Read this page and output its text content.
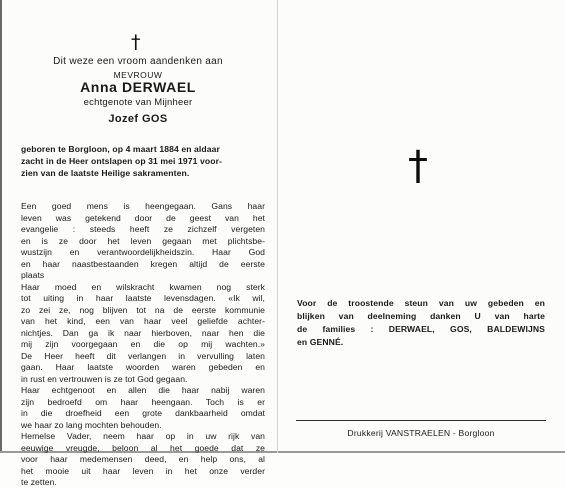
†
Dit weze een vroom aandenken aan
MEVROUW
Anna DERWAEL
echtgenote van Mijnheer
Jozef GOS
geboren te Borgloon, op 4 maart 1884 en aldaar
zacht in de Heer ontslapen op 31 mei 1971 voor-
zien van de laatste Heilige sakramenten.
Een goed mens is heengegaan. Gans haar
leven was getekend door de geest van het
evangelie : steeds heeft ze zichzelf vergeten
en is ze door het leven gegaan met plichtsbe-
wustzijn en verantwoordelijkheidszin. Haar God
en haar naastbestaanden kregen altijd de eerste
plaats
Haar moed en wilskracht kwamen nog sterk
tot uiting in haar laatste levensdagen. «Ik wil,
zo zei ze, nog blijven tot na de eerste kommunie
van het kind, een van haar veel geliefde achter-
nichtjes. Dan ga ik naar hierboven, naar hen die
mij zijn voorgegaan en die op mij wachten.»
De Heer heeft dit verlangen in vervulling laten
gaan. Haar laatste woorden waren gebeden en
in rust en vertrouwen is ze tot God gegaan.
Haar echtgenoot en allen die haar nabij waren
zijn bedroefd om haar heengaan. Toch is er
in die droefheid een grote dankbaarheid omdat
we haar zo lang mochten behouden.
Hemelse Vader, neem haar op in uw rijk van
eeuwige vreugde, beloon al het goede dat ze
voor haar medemensen deed, en help ons, al
het mooie uit haar leven in het onze verder
te zetten.
†
Voor de troostende steun van uw gebeden en
blijken van deelneming danken U van harte
de families : DERWAEL, GOS, BALDEWIJNS
en GENNÉ.
Drukkerij VANSTRAELEN - Borgloon
